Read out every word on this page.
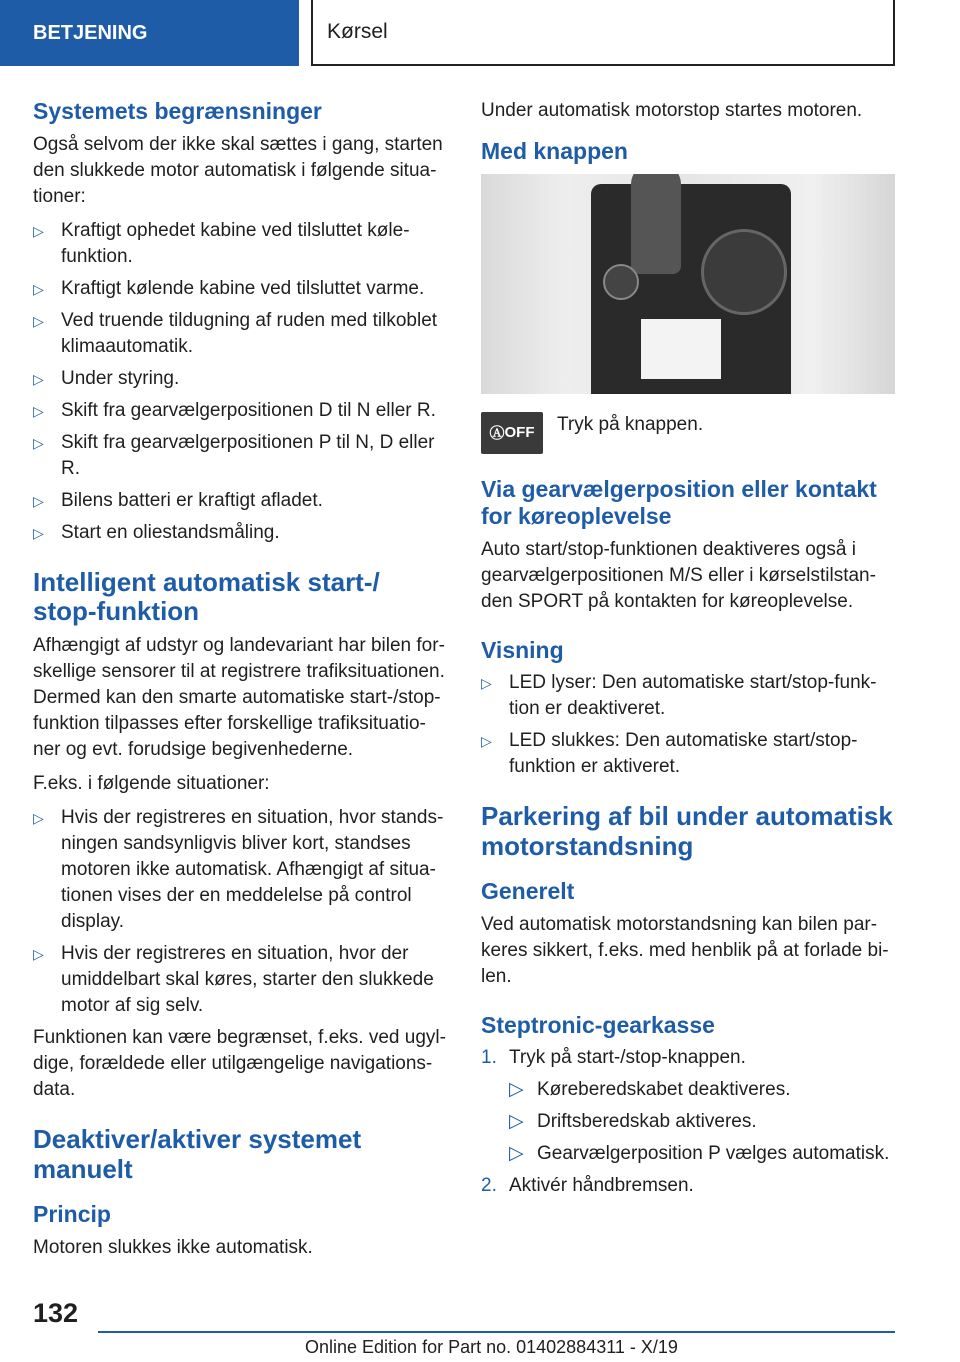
BETJENING	Kørsel
Systemets begrænsninger

Også selvom der ikke skal sættes i gang, starten den slukkede motor automatisk i følgende situa-tioner:

▷ Kraftigt ophedet kabine ved tilsluttet køle-funktion.
▷ Kraftigt kølende kabine ved tilsluttet varme.
▷ Ved truende tildugning af ruden med tilkoblet klimaautomatik.
▷ Under styring.
▷ Skift fra gearvælgerpositionen D til N eller R.
▷ Skift fra gearvælgerpositionen P til N, D eller R.
▷ Bilens batteri er kraftigt afladet.
▷ Start en oliestandsmåling.
Intelligent automatisk start-/ stop-funktion

Afhængigt af udstyr og landevariant har bilen for-skellige sensorer til at registrere trafiksituationen. Dermed kan den smarte automatiske start-/stop-funktion tilpasses efter forskellige trafiksituatio-ner og evt. forudsige begivenhederne.

F.eks. i følgende situationer:

▷ Hvis der registreres en situation, hvor stands-ningen sandsynligvis bliver kort, standses motoren ikke automatisk. Afhængigt af situa-tionen vises der en meddelelse på control display.
▷ Hvis der registreres en situation, hvor der umiddelbart skal køres, starter den slukkede motor af sig selv.

Funktionen kan være begrænset, f.eks. ved ugyl-dige, forældede eller utilgængelige navigations-data.

Deaktiver/aktiver systemet manuelt
Princip

Motoren slukkes ikke automatisk.

Under automatisk motorstop startes motoren.

Med knappen
Ⓐ OFF Tryk på knappen.

Via gearvælgerposition eller kontakt for køreoplevelse

Auto start/stop-funktionen deaktiveres også i gearvælgerpositionen M/S eller i kørselstilstan-den SPORT på kontakten for køreoplevelse.

Visning
▷ LED lyser: Den automatiske start/stop-funk-tion er deaktiveret.
▷ LED slukkes: Den automatiske start/stop-funktion er aktiveret.
Parkering af bil under automatisk motorstandsning
Generelt

Ved automatisk motorstandsning kan bilen par-keres sikkert, f.eks. med henblik på at forlade bi-len.

Steptronic-gearkasse
1. Tryk på start-/stop-knappen.
▷ Køreberedskabet deaktiveres.
▷ Driftsberedskab aktiveres.
▷ Gearvælgerposition P vælges automatisk.
2. Aktivér håndbremsen.
132
Online Edition for Part no. 01402884311 - X/19
